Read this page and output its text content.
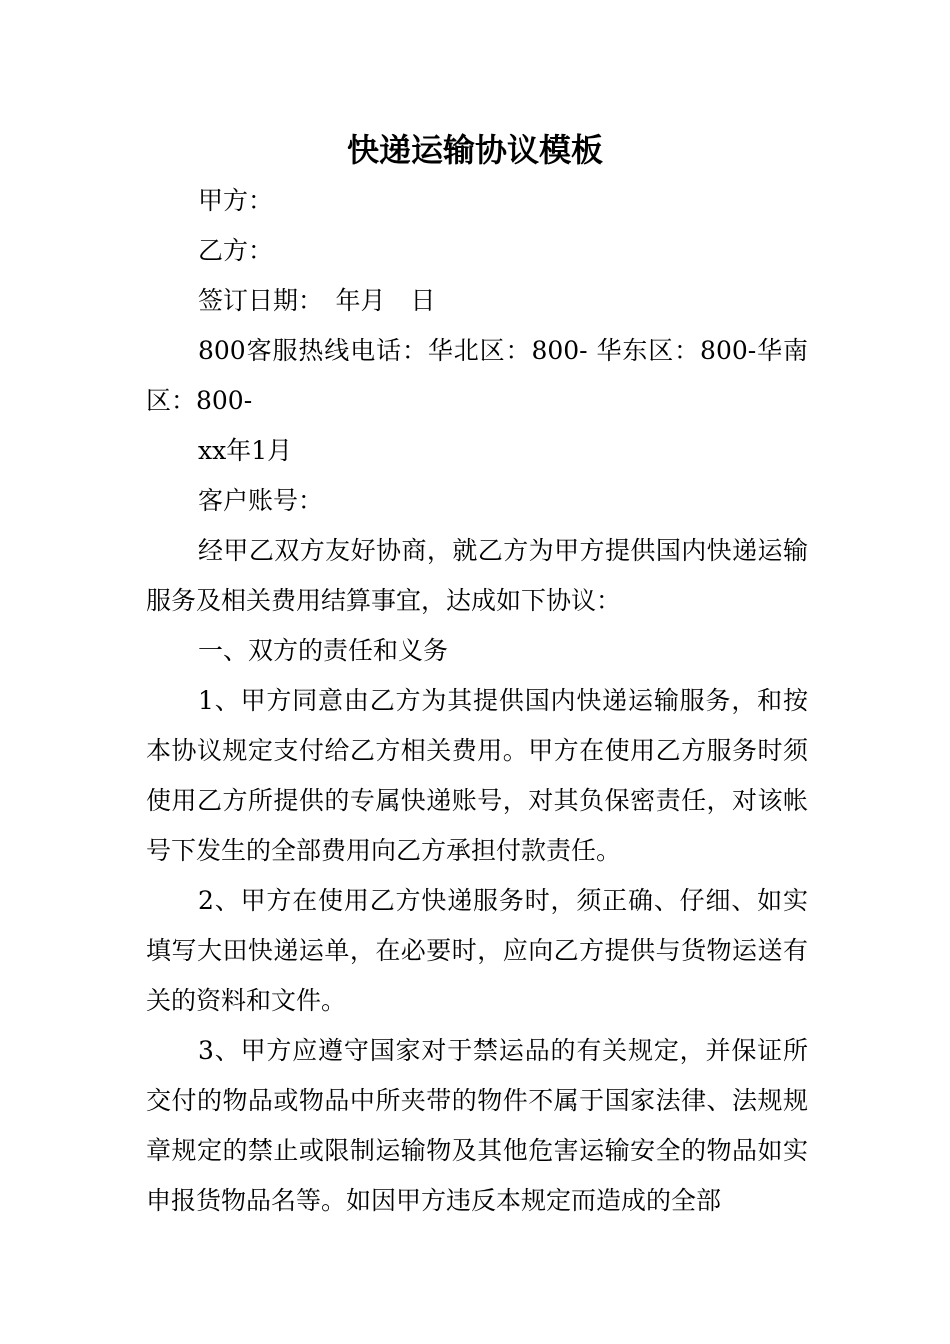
快递运输协议模板

甲方：

乙方：

签订日期：　年月　日

800客服热线电话：华北区：800- 华东区：800-华南区：800-

xx年1月

客户账号：

经甲乙双方友好协商，就乙方为甲方提供国内快递运输服务及相关费用结算事宜，达成如下协议：

一、双方的责任和义务

1、甲方同意由乙方为其提供国内快递运输服务，和按本协议规定支付给乙方相关费用。甲方在使用乙方服务时须使用乙方所提供的专属快递账号，对其负保密责任，对该帐号下发生的全部费用向乙方承担付款责任。

2、甲方在使用乙方快递服务时，须正确、仔细、如实填写大田快递运单，在必要时，应向乙方提供与货物运送有关的资料和文件。

3、甲方应遵守国家对于禁运品的有关规定，并保证所交付的物品或物品中所夹带的物件不属于国家法律、法规规章规定的禁止或限制运输物及其他危害运输安全的物品如实申报货物品名等。如因甲方违反本规定而造成的全部
